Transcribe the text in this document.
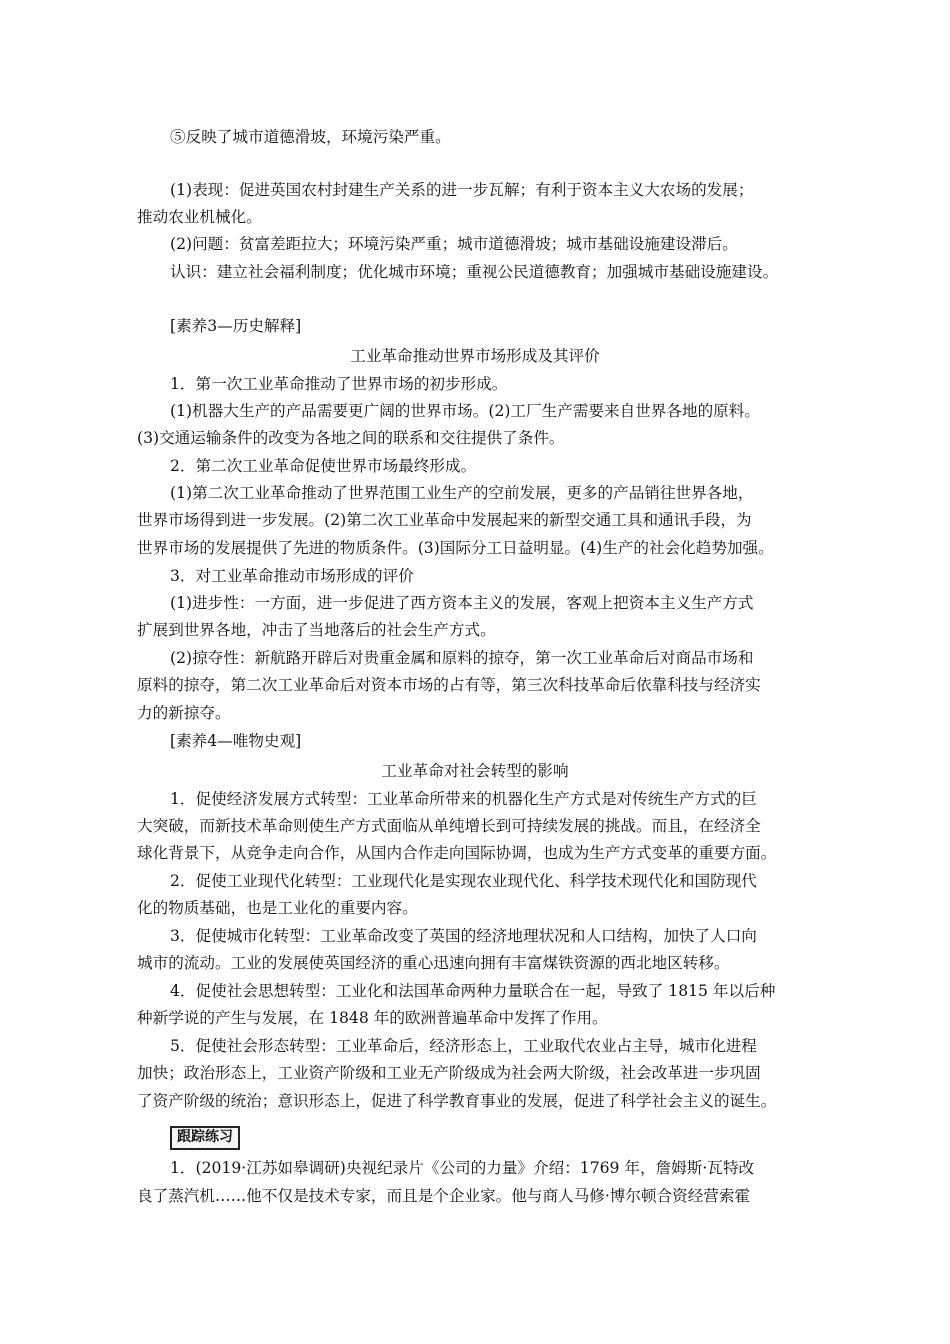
⑤反映了城市道德滑坡，环境污染严重。
(1)表现：促进英国农村封建生产关系的进一步瓦解；有利于资本主义大农场的发展；
推动农业机械化。
(2)问题：贫富差距拉大；环境污染严重；城市道德滑坡；城市基础设施建设滞后。
认识：建立社会福利制度；优化城市环境；重视公民道德教育；加强城市基础设施建设。
[素养3—历史解释]
工业革命推动世界市场形成及其评价
1．第一次工业革命推动了世界市场的初步形成。
(1)机器大生产的产品需要更广阔的世界市场。(2)工厂生产需要来自世界各地的原料。
(3)交通运输条件的改变为各地之间的联系和交往提供了条件。
2．第二次工业革命促使世界市场最终形成。
(1)第二次工业革命推动了世界范围工业生产的空前发展，更多的产品销往世界各地，
世界市场得到进一步发展。(2)第二次工业革命中发展起来的新型交通工具和通讯手段，为
世界市场的发展提供了先进的物质条件。(3)国际分工日益明显。(4)生产的社会化趋势加强。
3．对工业革命推动市场形成的评价
(1)进步性：一方面，进一步促进了西方资本主义的发展，客观上把资本主义生产方式
扩展到世界各地，冲击了当地落后的社会生产方式。
(2)掠夺性：新航路开辟后对贵重金属和原料的掠夺，第一次工业革命后对商品市场和
原料的掠夺，第二次工业革命后对资本市场的占有等，第三次科技革命后依靠科技与经济实
力的新掠夺。
[素养4—唯物史观]
工业革命对社会转型的影响
1．促使经济发展方式转型：工业革命所带来的机器化生产方式是对传统生产方式的巨
大突破，而新技术革命则使生产方式面临从单纯增长到可持续发展的挑战。而且，在经济全
球化背景下，从竞争走向合作，从国内合作走向国际协调，也成为生产方式变革的重要方面。
2．促使工业现代化转型：工业现代化是实现农业现代化、科学技术现代化和国防现代
化的物质基础，也是工业化的重要内容。
3．促使城市化转型：工业革命改变了英国的经济地理状况和人口结构，加快了人口向
城市的流动。工业的发展使英国经济的重心迅速向拥有丰富煤铁资源的西北地区转移。
4．促使社会思想转型：工业化和法国革命两种力量联合在一起，导致了 1815 年以后种
种新学说的产生与发展，在 1848 年的欧洲普遍革命中发挥了作用。
5．促使社会形态转型：工业革命后，经济形态上，工业取代农业占主导，城市化进程
加快；政治形态上，工业资产阶级和工业无产阶级成为社会两大阶级，社会改革进一步巩固
了资产阶级的统治；意识形态上，促进了科学教育事业的发展，促进了科学社会主义的诞生。
跟踪练习
1．(2019·江苏如皋调研)央视纪录片《公司的力量》介绍：1769 年，詹姆斯·瓦特改
良了蒸汽机……他不仅是技术专家，而且是个企业家。他与商人马修·博尔顿合资经营索霍
